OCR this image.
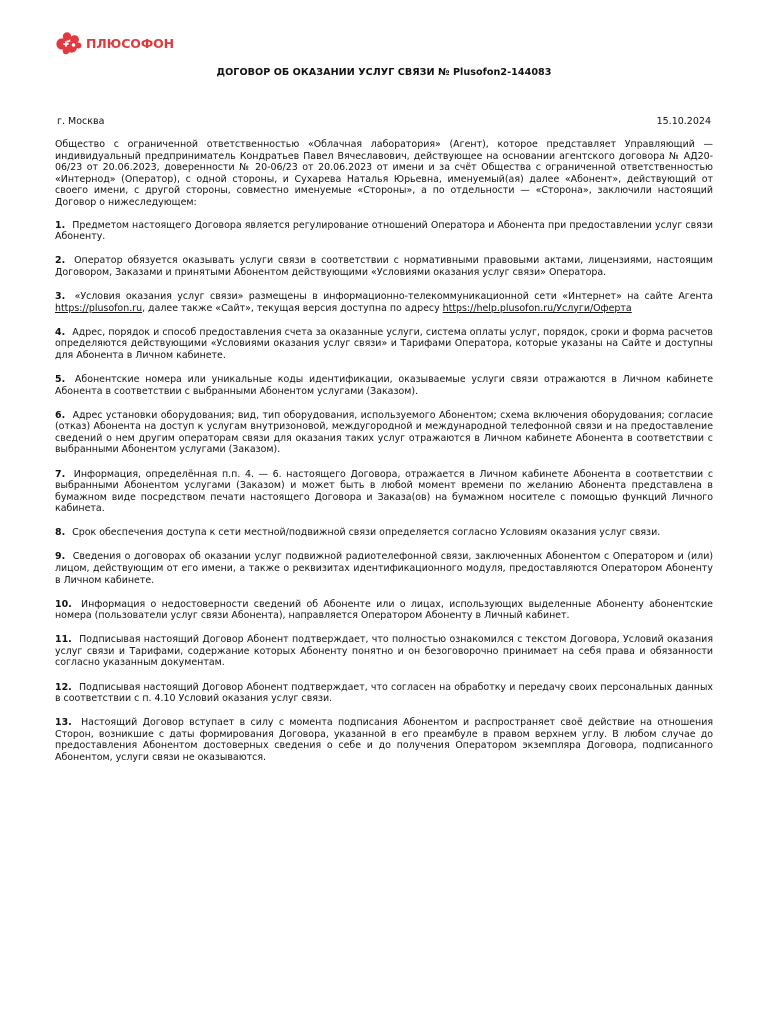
ПЛЮСОФОН
ДОГОВОР ОБ ОКАЗАНИИ УСЛУГ СВЯЗИ № Plusofon2-144083
г. Москва	15.10.2024

Общество с ограниченной ответственностью «Облачная лаборатория» (Агент), которое представляет Управляющий — индивидуальный предприниматель Кондратьев Павел Вячеславович, действующее на основании агентского договора № АД20-06/23 от 20.06.2023, доверенности № 20-06/23 от 20.06.2023 от имени и за счёт Общества с ограниченной ответственностью «Интернод» (Оператор), с одной стороны, и Сухарева Наталья Юрьевна, именуемый(ая) далее «Абонент», действующий от своего имени, с другой стороны, совместно именуемые «Стороны», а по отдельности — «Сторона», заключили настоящий Договор о нижеследующем:

1. Предметом настоящего Договора является регулирование отношений Оператора и Абонента при предоставлении услуг связи Абоненту.

2. Оператор обязуется оказывать услуги связи в соответствии с нормативными правовыми актами, лицензиями, настоящим Договором, Заказами и принятыми Абонентом действующими «Условиями оказания услуг связи» Оператора.

3. «Условия оказания услуг связи» размещены в информационно-телекоммуникационной сети «Интернет» на сайте Агента https://plusofon.ru, далее также «Сайт», текущая версия доступна по адресу https://help.plusofon.ru/Услуги/Оферта

4. Адрес, порядок и способ предоставления счета за оказанные услуги, система оплаты услуг, порядок, сроки и форма расчетов определяются действующими «Условиями оказания услуг связи» и Тарифами Оператора, которые указаны на Сайте и доступны для Абонента в Личном кабинете.

5. Абонентские номера или уникальные коды идентификации, оказываемые услуги связи отражаются в Личном кабинете Абонента в соответствии с выбранными Абонентом услугами (Заказом).

6. Адрес установки оборудования; вид, тип оборудования, используемого Абонентом; схема включения оборудования; согласие (отказ) Абонента на доступ к услугам внутризоновой, междугородной и международной телефонной связи и на предоставление сведений о нем другим операторам связи для оказания таких услуг отражаются в Личном кабинете Абонента в соответствии с выбранными Абонентом услугами (Заказом).

7. Информация, определённая п.п. 4. — 6. настоящего Договора, отражается в Личном кабинете Абонента в соответствии с выбранными Абонентом услугами (Заказом) и может быть в любой момент времени по желанию Абонента представлена в бумажном виде посредством печати настоящего Договора и Заказа(ов) на бумажном носителе с помощью функций Личного кабинета.

8. Срок обеспечения доступа к сети местной/подвижной связи определяется согласно Условиям оказания услуг связи.

9. Сведения о договорах об оказании услуг подвижной радиотелефонной связи, заключенных Абонентом с Оператором и (или) лицом, действующим от его имени, а также о реквизитах идентификационного модуля, предоставляются Оператором Абоненту в Личном кабинете.

10. Информация о недостоверности сведений об Абоненте или о лицах, использующих выделенные Абоненту абонентские номера (пользователи услуг связи Абонента), направляется Оператором Абоненту в Личный кабинет.

11. Подписывая настоящий Договор Абонент подтверждает, что полностью ознакомился с текстом Договора, Условий оказания услуг связи и Тарифами, содержание которых Абоненту понятно и он безоговорочно принимает на себя права и обязанности согласно указанным документам.

12. Подписывая настоящий Договор Абонент подтверждает, что согласен на обработку и передачу своих персональных данных в соответствии с п. 4.10 Условий оказания услуг связи.

13. Настоящий Договор вступает в силу с момента подписания Абонентом и распространяет своё действие на отношения Сторон, возникшие с даты формирования Договора, указанной в его преамбуле в правом верхнем углу. В любом случае до предоставления Абонентом достоверных сведения о себе и до получения Оператором экземпляра Договора, подписанного Абонентом, услуги связи не оказываются.
